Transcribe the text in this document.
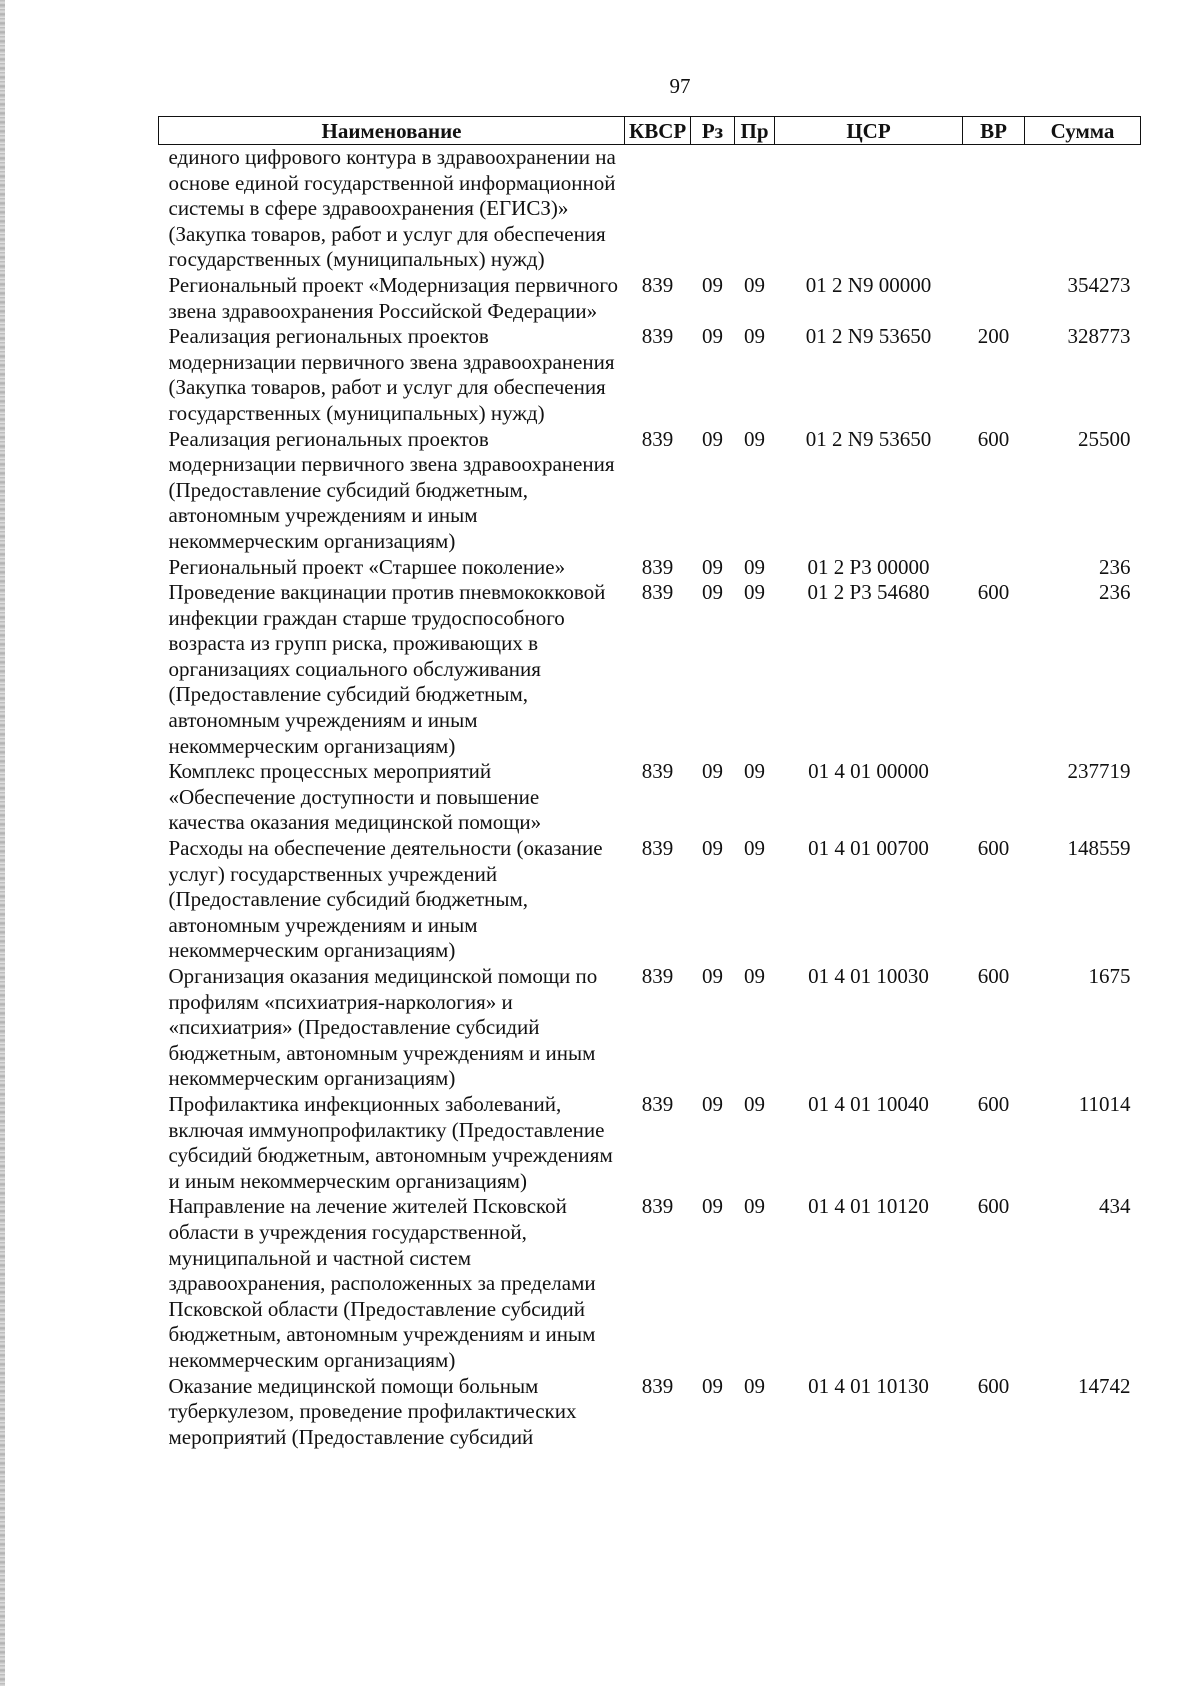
97
Наименование	КВСР	Рз	Пр	ЦСР	ВР	Сумма
единого цифрового контура в здравоохранении на основе единой государственной информационной системы в сфере здравоохранения (ЕГИСЗ)» (Закупка товаров, работ и услуг для обеспечения государственных (муниципальных) нужд)						
Региональный проект «Модернизация первичного звена здравоохранения Российской Федерации»	839	09	09	01 2 N9 00000		354273
Реализация региональных проектов модернизации первичного звена здравоохранения (Закупка товаров, работ и услуг для обеспечения государственных (муниципальных) нужд)	839	09	09	01 2 N9 53650	200	328773
Реализация региональных проектов модернизации первичного звена здравоохранения (Предоставление субсидий бюджетным, автономным учреждениям и иным некоммерческим организациям)	839	09	09	01 2 N9 53650	600	25500
Региональный проект «Старшее поколение»	839	09	09	01 2 P3 00000		236
Проведение вакцинации против пневмококковой инфекции граждан старше трудоспособного возраста из групп риска, проживающих в организациях социального обслуживания (Предоставление субсидий бюджетным, автономным учреждениям и иным некоммерческим организациям)	839	09	09	01 2 P3 54680	600	236
Комплекс процессных мероприятий «Обеспечение доступности и повышение качества оказания медицинской помощи»	839	09	09	01 4 01 00000		237719
Расходы на обеспечение деятельности (оказание услуг) государственных учреждений (Предоставление субсидий бюджетным, автономным учреждениям и иным некоммерческим организациям)	839	09	09	01 4 01 00700	600	148559
Организация оказания медицинской помощи по профилям «психиатрия-наркология» и «психиатрия» (Предоставление субсидий бюджетным, автономным учреждениям и иным некоммерческим организациям)	839	09	09	01 4 01 10030	600	1675
Профилактика инфекционных заболеваний, включая иммунопрофилактику (Предоставление субсидий бюджетным, автономным учреждениям и иным некоммерческим организациям)	839	09	09	01 4 01 10040	600	11014
Направление на лечение жителей Псковской области в учреждения государственной, муниципальной и частной систем здравоохранения, расположенных за пределами Псковской области (Предоставление субсидий бюджетным, автономным учреждениям и иным некоммерческим организациям)	839	09	09	01 4 01 10120	600	434
Оказание медицинской помощи больным туберкулезом, проведение профилактических мероприятий (Предоставление субсидий	839	09	09	01 4 01 10130	600	14742
